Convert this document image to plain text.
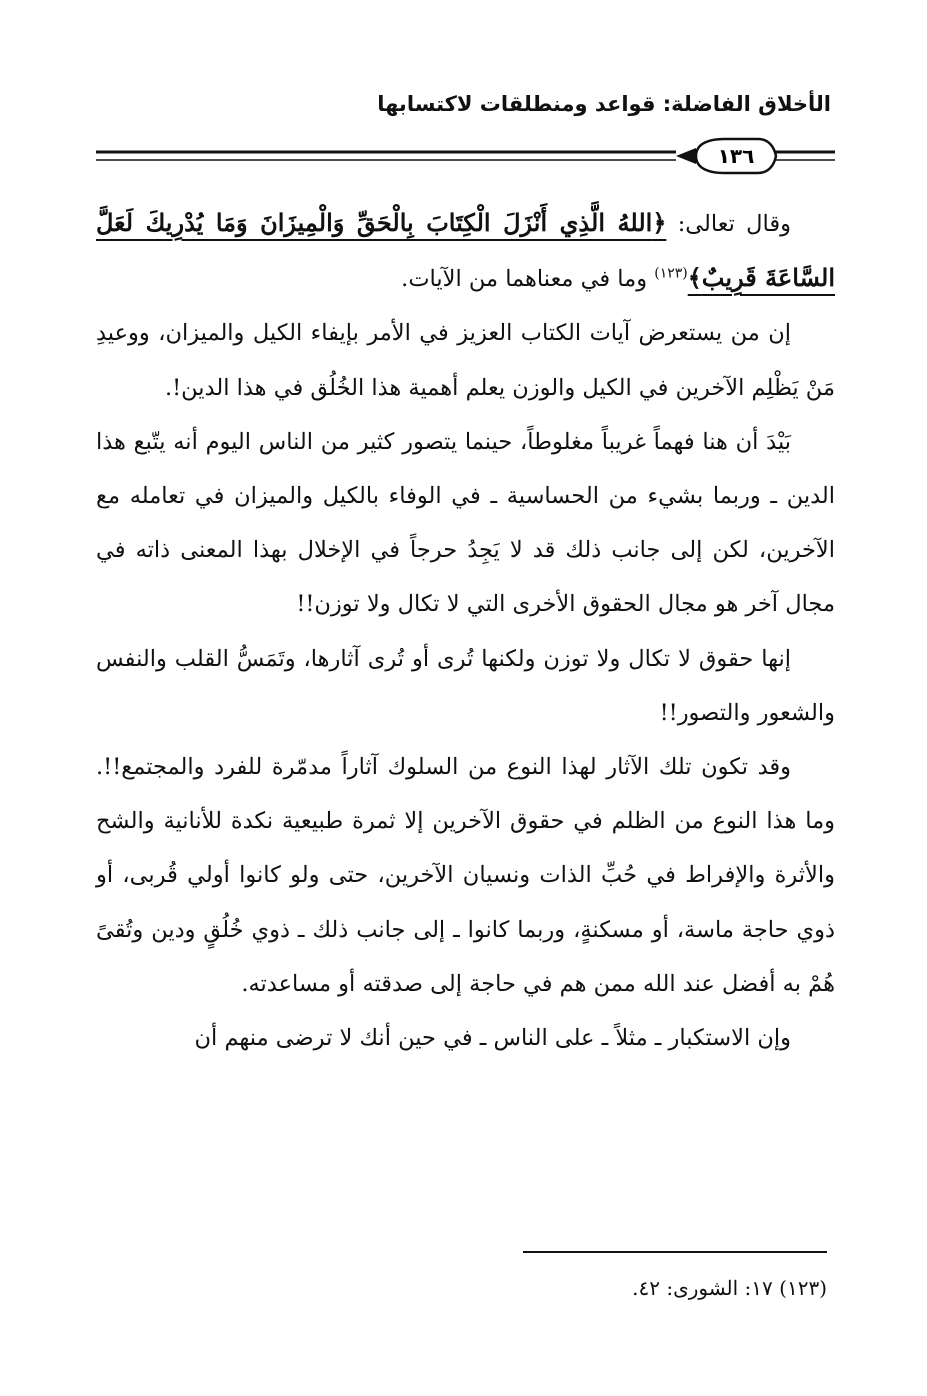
الأخلاق الفاضلة: قواعد ومنطلقات لاكتسابها
١٣٦

وقال تعالى: ﴿اللهُ الَّذِي أَنْزَلَ الْكِتَابَ بِالْحَقِّ وَالْمِيزَانَ وَمَا يُدْرِيكَ لَعَلَّ السَّاعَةَ قَرِيبٌ﴾$^{(١٢٣)}$ وما في معناهما من الآيات.

إن من يستعرض آيات الكتاب العزيز في الأمر بإيفاء الكيل والميزان، ووعيدِ مَنْ يَظْلِم الآخرين في الكيل والوزن يعلم أهمية هذا الخُلُق في هذا الدين!.

بَيْدَ أن هنا فهماً غريباً مغلوطاً، حينما يتصور كثير من الناس اليوم أنه يتّبع هذا الدين ـ وربما بشيء من الحساسية ـ في الوفاء بالكيل والميزان في تعامله مع الآخرين، لكن إلى جانب ذلك قد لا يَجِدُ حرجاً في الإخلال بهذا المعنى ذاته في مجال آخر هو مجال الحقوق الأخرى التي لا تكال ولا توزن!!

إنها حقوق لا تكال ولا توزن ولكنها تُرى أو تُرى آثارها، وتَمَسُّ القلب والنفس والشعور والتصور!!

وقد تكون تلك الآثار لهذا النوع من السلوك آثاراً مدمّرة للفرد والمجتمع!!. وما هذا النوع من الظلم في حقوق الآخرين إلا ثمرة طبيعية نكدة للأنانية والشح والأثرة والإفراط في حُبِّ الذات ونسيان الآخرين، حتى ولو كانوا أولي قُربى، أو ذوي حاجة ماسة، أو مسكنةٍ، وربما كانوا ـ إلى جانب ذلك ـ ذوي خُلُقٍ ودين وتُقىً هُمْ به أفضل عند الله ممن هم في حاجة إلى صدقته أو مساعدته.

وإن الاستكبار ـ مثلاً ـ على الناس ـ في حين أنك لا ترضى منهم أن

(١٢٣) ١٧: الشورى: ٤٢.
